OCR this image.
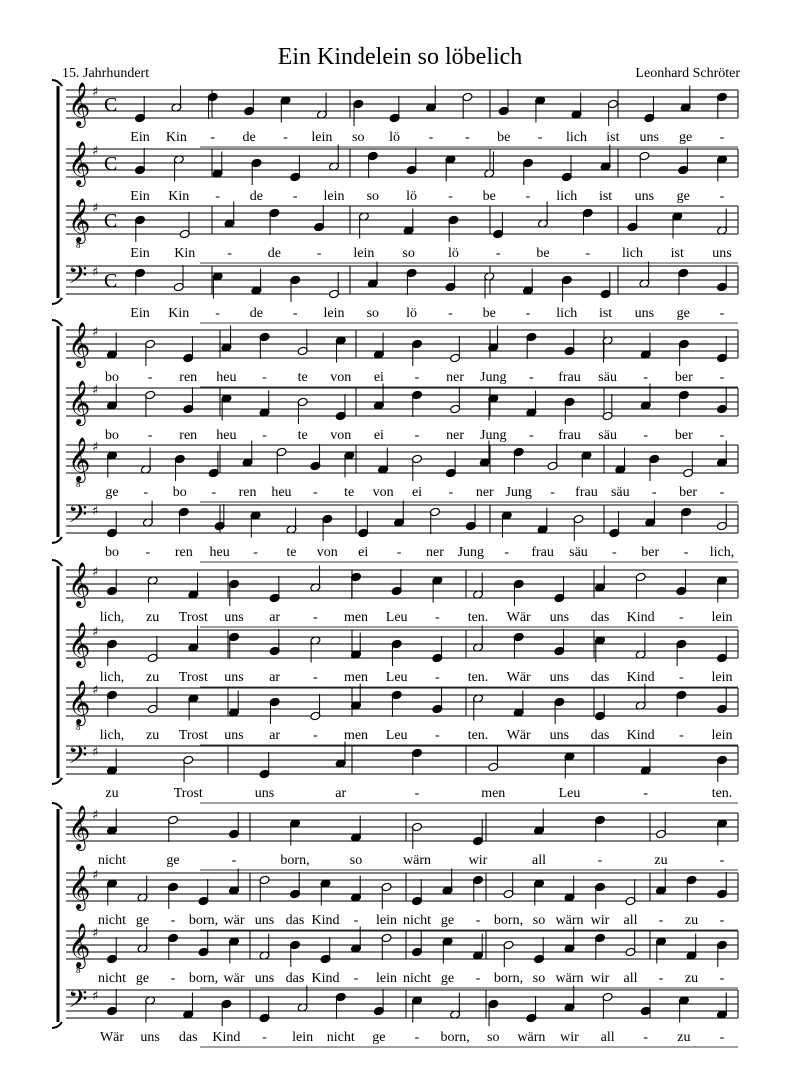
Ein Kindelein so löbelich
15. Jahrhundert	Leonhard Schröter
𝄞 ♯
C
Ein Kin - de - lein so lö - - be - lich ist uns ge -
𝄞 ♯
C
Ein Kin - de - lein so lö - be - lich ist uns ge -
𝄞
8
♯
C
Ein Kin -	de	- lein so lö	-	be	- lich ist uns
𝄢 ♯ C
Ein Kin - de - lein so lö - be - lich ist uns ge -
𝄞 ♯
bo - ren heu - te von ei - ner Jung - frau säu - ber -
𝄞 ♯
bo - ren heu - te von ei - ner Jung - frau säu - ber -
𝄞
8
♯
ge - bo - ren heu - te von ei - ner Jung - frau säu - ber -
𝄢 ♯
bo - ren heu - te von ei - ner Jung - frau säu - ber - lich,
𝄞 ♯
lich, zu Trost uns ar - men Leu - ten. Wär uns das Kind - lein
𝄞 ♯
lich, zu Trost uns ar - men Leu - ten. Wär uns das Kind - lein
𝄞
8
♯
lich, zu Trost uns ar - men Leu - ten. Wär uns das Kind - lein
𝄢 ♯
zu	Trost	uns	ar	-	men	Leu	-	ten.
𝄞 ♯
nicht	ge	-	born,	so	wärn	wir	all	-	zu	-
𝄞 ♯
nicht ge - born, wär uns das Kind - lein nicht ge - born, so wärn wir all - zu -
𝄞
8
♯
nicht ge - born, wär uns das Kind - lein nicht ge - born, so wärn wir all - zu -
𝄢 ♯
Wär uns das Kind - lein nicht ge - born, so wärn wir all - zu -
